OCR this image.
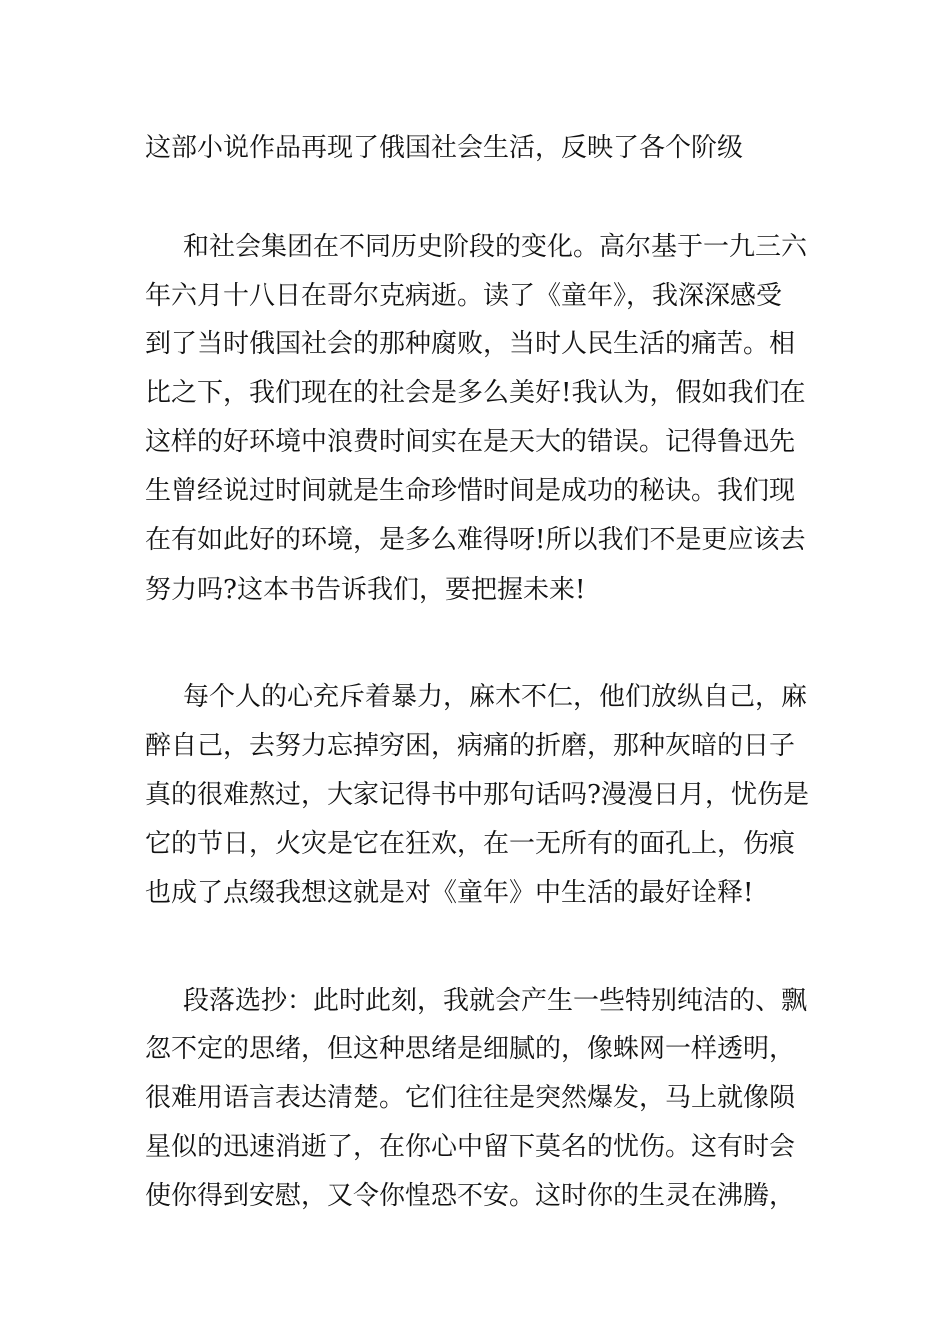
这部小说作品再现了俄国社会生活，反映了各个阶级
和社会集团在不同历史阶段的变化。高尔基于一九三六
年六月十八日在哥尔克病逝。读了《童年》，我深深感受
到了当时俄国社会的那种腐败，当时人民生活的痛苦。相
比之下，我们现在的社会是多么美好!我认为，假如我们在
这样的好环境中浪费时间实在是天大的错误。记得鲁迅先
生曾经说过时间就是生命珍惜时间是成功的秘诀。我们现
在有如此好的环境，是多么难得呀!所以我们不是更应该去
努力吗?这本书告诉我们，要把握未来!
每个人的心充斥着暴力，麻木不仁，他们放纵自己，麻
醉自己，去努力忘掉穷困，病痛的折磨，那种灰暗的日子
真的很难熬过，大家记得书中那句话吗?漫漫日月，忧伤是
它的节日，火灾是它在狂欢，在一无所有的面孔上，伤痕
也成了点缀我想这就是对《童年》中生活的最好诠释!
段落选抄：此时此刻，我就会产生一些特别纯洁的、飘
忽不定的思绪，但这种思绪是细腻的，像蛛网一样透明，
很难用语言表达清楚。它们往往是突然爆发，马上就像陨
星似的迅速消逝了，在你心中留下莫名的忧伤。这有时会
使你得到安慰，又令你惶恐不安。这时你的生灵在沸腾，
